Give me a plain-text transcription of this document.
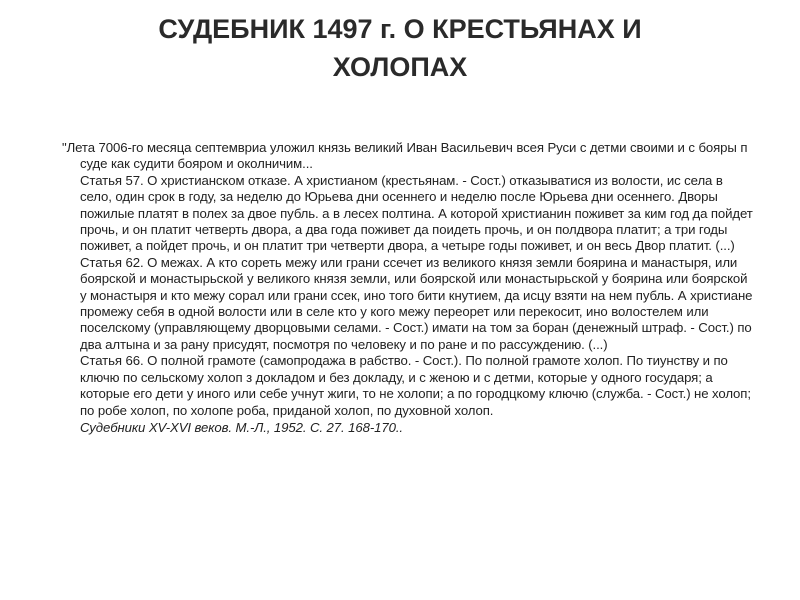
СУДЕБНИК 1497 г. О КРЕСТЬЯНАХ И ХОЛОПАХ

"Лета 7006-го месяца септемвриа уложил князь великий Иван Васильевич всея Руси с детми своими и с бояры п суде как судити бояром и околничим...

Статья 57. О христианском отказе. А христианом (крестьянам. - Сост.) отказыватися из волости, ис села в село, один срок в году, за неделю до Юрьева дни осеннего и неделю после Юрьева дни осеннего. Дворы пожилые платят в полех за двое публь. а в лесех полтина. А которой христианин поживет за ким год да пойдет прочь, и он платит четверть двора, а два года поживет да поидеть прочь, и он полдвора платит; а три годы поживет, а пойдет прочь, и он платит три четверти двора, а четыре годы поживет, и он весь Двор платит. (...)

Статья 62. О межах. А кто сореть межу или грани ссечет из великого князя земли боярина и манастыря, или боярской и монастырьской у великого князя земли, или боярской или монастырьской у боярина или боярской у монастыря и кто межу сорал или грани ссек, ино того бити кнутием, да исцу взяти на нем публь. А христиане промежу себя в одной волости или в селе кто у кого межу переорет или перекосит, ино волостелем или поселскому (управляющему дворцовыми селами. - Сост.) имати на том за боран (денежный штраф. - Сост.) по два алтына и за рану присудят, посмотря по человеку и по ране и по рассуждению. (...)

Статья 66. О полной грамоте (самопродажа в рабство. - Сост.). По полной грамоте холоп. По тиунству и по ключю по сельскому холоп з докладом и без докладу, и с женою и с детми, которые у одного государя; а которые его дети у иного или себе учнут жиги, то не холопи; а по городцкому ключю (служба. - Сост.) не холоп; по робе холоп, по холопе роба, приданой холоп, по духовной холоп.

Судебники XV-XVI веков. М.-Л., 1952. С. 27. 168-170..
